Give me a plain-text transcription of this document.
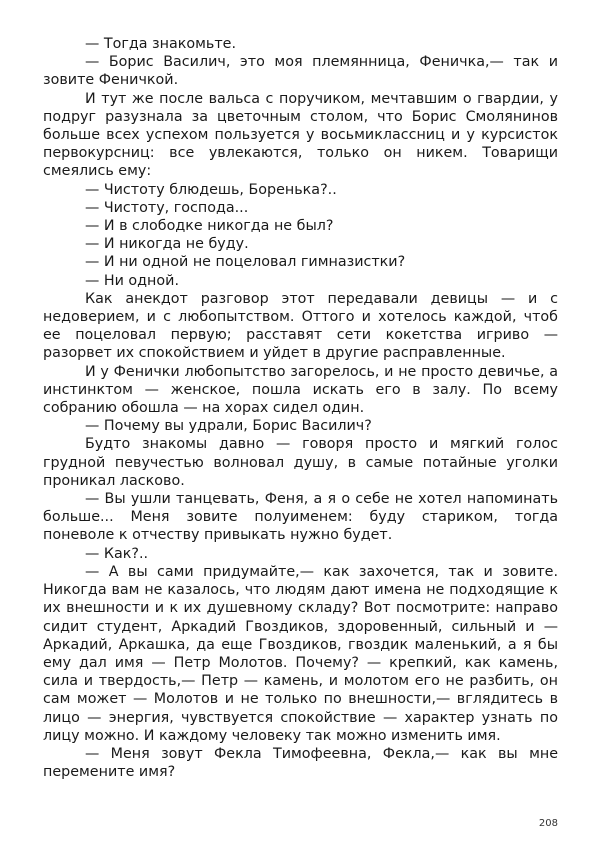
— Тогда знакомьте.

— Борис Василич, это моя племянница, Феничка,— так и зовите Феничкой.

И тут же после вальса с поручиком, мечтавшим о гвардии, у подруг разузнала за цветочным столом, что Борис Смолянинов больше всех успехом пользуется у восьмиклассниц и у курсисток первокурсниц: все увлекаются, только он никем. Товарищи смеялись ему:

— Чистоту блюдешь, Боренька?..

— Чистоту, господа...

— И в слободке никогда не был?

— И никогда не буду.

— И ни одной не поцеловал гимназистки?

— Ни одной.

Как анекдот разговор этот передавали девицы — и с недоверием, и с любопытством. Оттого и хотелось каждой, чтоб ее поцеловал первую; расставят сети кокетства игриво — разорвет их спокойствием и уйдет в другие расправленные.

И у Фенички любопытство загорелось, и не просто девичье, а инстинктом — женское, пошла искать его в залу. По всему собранию обошла — на хорах сидел один.

— Почему вы удрали, Борис Василич?

Будто знакомы давно — говоря просто и мягкий голос грудной певучестью волновал душу, в самые потайные уголки проникал ласково.

— Вы ушли танцевать, Феня, а я о себе не хотел напоминать больше... Меня зовите полуименем: буду стариком, тогда поневоле к отчеству привыкать нужно будет.

— Как?..

— А вы сами придумайте,— как захочется, так и зовите. Никогда вам не казалось, что людям дают имена не подходящие к их внешности и к их душевному складу? Вот посмотрите: направо сидит студент, Аркадий Гвоздиков, здоровенный, сильный и — Аркадий, Аркашка, да еще Гвоздиков, гвоздик маленький, а я бы ему дал имя — Петр Молотов. Почему? — крепкий, как камень, сила и твердость,— Петр — камень, и молотом его не разбить, он сам может — Молотов и не только по внешности,— вглядитесь в лицо — энергия, чувствуется спокойствие — характер узнать по лицу можно. И каждому человеку так можно изменить имя.

— Меня зовут Фекла Тимофеевна, Фекла,— как вы мне перемените имя?

208
